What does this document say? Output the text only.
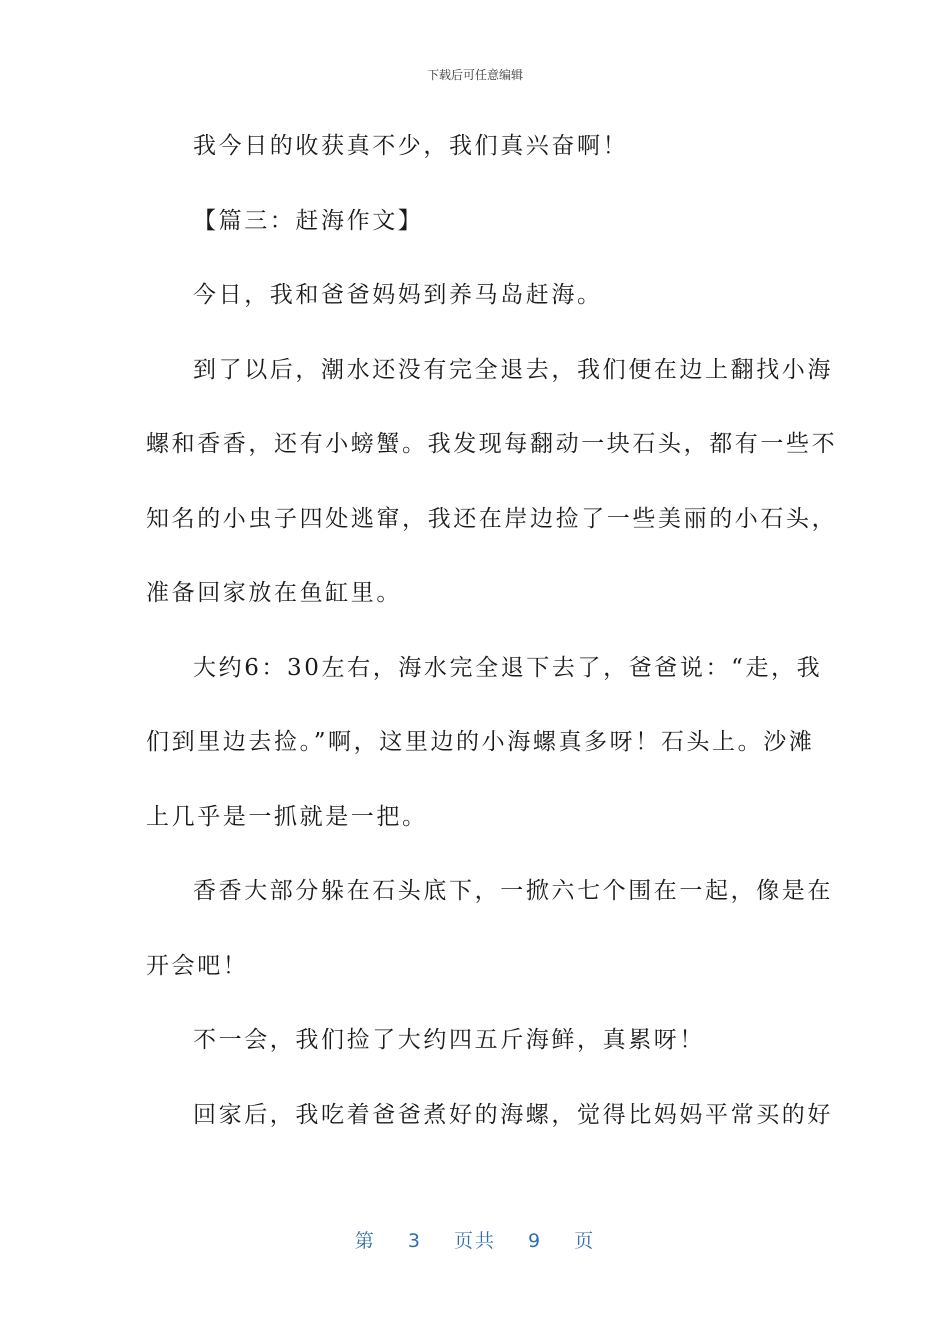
下载后可任意编辑
我今日的收获真不少，我们真兴奋啊！
【篇三：赶海作文】
今日，我和爸爸妈妈到养马岛赶海。
到了以后，潮水还没有完全退去，我们便在边上翻找小海
螺和香香，还有小螃蟹。我发现每翻动一块石头，都有一些不
知名的小虫子四处逃窜，我还在岸边捡了一些美丽的小石头，
准备回家放在鱼缸里。
大约6：30左右，海水完全退下去了，爸爸说：“走，我
们到里边去捡。”啊，这里边的小海螺真多呀！石头上。沙滩
上几乎是一抓就是一把。
香香大部分躲在石头底下，一掀六七个围在一起，像是在
开会吧！
不一会，我们捡了大约四五斤海鲜，真累呀！
回家后，我吃着爸爸煮好的海螺，觉得比妈妈平常买的好
第 3 页共 9 页
